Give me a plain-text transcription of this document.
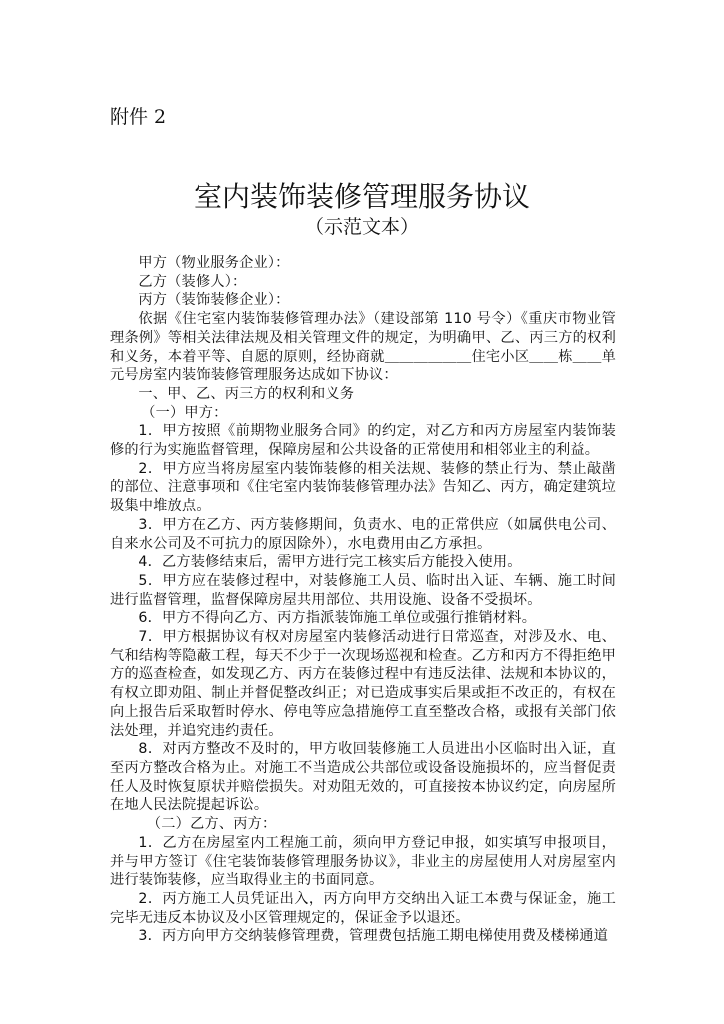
附件 2
室内装饰装修管理服务协议
（示范文本）

甲方（物业服务企业）：

乙方（装修人）：

丙方（装饰装修企业）：

依据《住宅室内装饰装修管理办法》（建设部第 110 号令）《重庆市物业管理条例》等相关法律法规及相关管理文件的规定，为明确甲、乙、丙三方的权利和义务，本着平等、自愿的原则，经协商就＿＿＿＿＿＿住宅小区＿＿栋＿＿单元号房室内装饰装修管理服务达成如下协议：

一、甲、乙、丙三方的权利和义务

（一）甲方：

1．甲方按照《前期物业服务合同》的约定，对乙方和丙方房屋室内装饰装修的行为实施监督管理，保障房屋和公共设备的正常使用和相邻业主的利益。

2．甲方应当将房屋室内装饰装修的相关法规、装修的禁止行为、禁止敲凿的部位、注意事项和《住宅室内装饰装修管理办法》告知乙、丙方，确定建筑垃圾集中堆放点。

3．甲方在乙方、丙方装修期间，负责水、电的正常供应（如属供电公司、自来水公司及不可抗力的原因除外），水电费用由乙方承担。

4．乙方装修结束后，需甲方进行完工核实后方能投入使用。

5．甲方应在装修过程中，对装修施工人员、临时出入证、车辆、施工时间进行监督管理，监督保障房屋共用部位、共用设施、设备不受损坏。

6．甲方不得向乙方、丙方指派装饰施工单位或强行推销材料。

7．甲方根据协议有权对房屋室内装修活动进行日常巡查，对涉及水、电、气和结构等隐蔽工程，每天不少于一次现场巡视和检查。乙方和丙方不得拒绝甲方的巡查检查，如发现乙方、丙方在装修过程中有违反法律、法规和本协议的，有权立即劝阻、制止并督促整改纠正；对已造成事实后果或拒不改正的，有权在向上报告后采取暂时停水、停电等应急措施停工直至整改合格，或报有关部门依法处理，并追究违约责任。

8．对丙方整改不及时的，甲方收回装修施工人员进出小区临时出入证，直至丙方整改合格为止。对施工不当造成公共部位或设备设施损坏的，应当督促责任人及时恢复原状并赔偿损失。对劝阻无效的，可直接按本协议约定，向房屋所在地人民法院提起诉讼。

（二）乙方、丙方：

1．乙方在房屋室内工程施工前，须向甲方登记申报，如实填写申报项目，并与甲方签订《住宅装饰装修管理服务协议》，非业主的房屋使用人对房屋室内进行装饰装修，应当取得业主的书面同意。

2．丙方施工人员凭证出入，丙方向甲方交纳出入证工本费与保证金，施工完毕无违反本协议及小区管理规定的，保证金予以退还。

3．丙方向甲方交纳装修管理费，管理费包括施工期电梯使用费及楼梯通道
